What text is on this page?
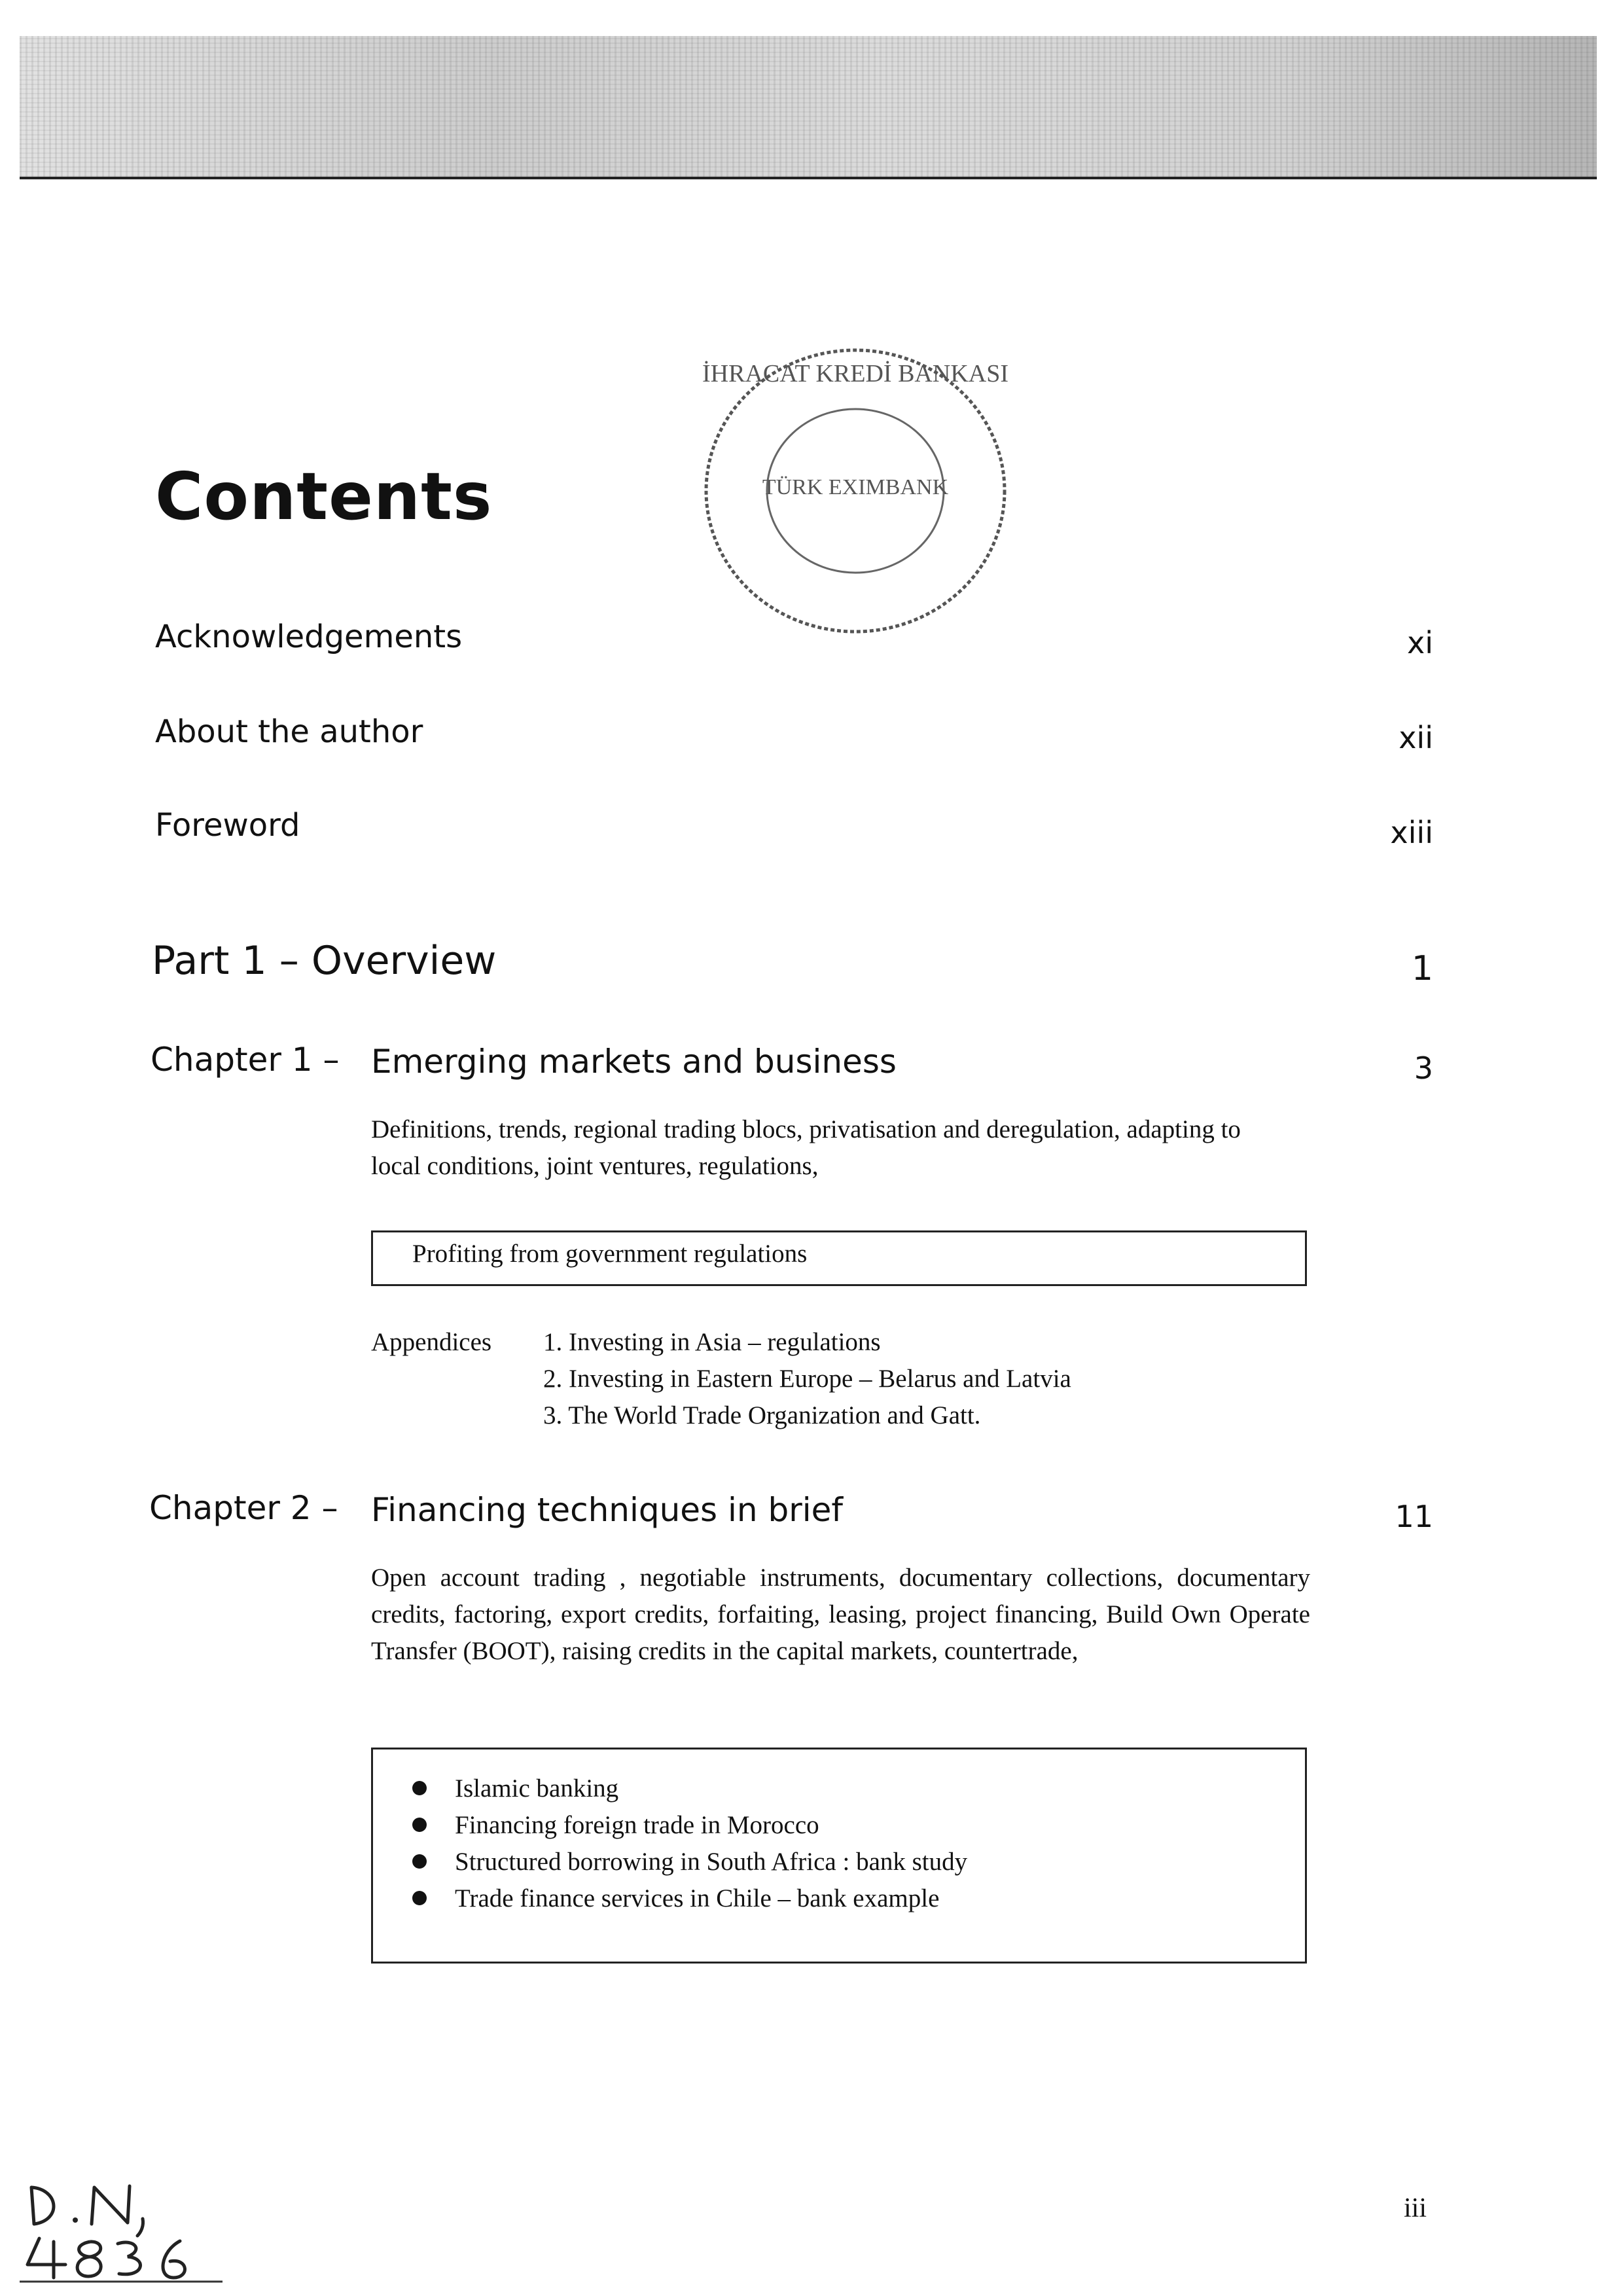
İHRACAT KREDİ BANKASI
TÜRK EXIMBANK
Contents
Acknowledgements	xi
About the author	xii
Foreword	xiii
Part 1 – Overview	1
Chapter 1 – Emerging markets and business	3
Definitions, trends, regional trading blocs, privatisation and deregulation, adapting to local conditions, joint ventures, regulations,
Profiting from government regulations
Appendices 1. Investing in Asia – regulations
2. Investing in Eastern Europe – Belarus and Latvia
3. The World Trade Organization and Gatt.
Chapter 2 – Financing techniques in brief	11
Open account trading , negotiable instruments, documentary collections, documentary credits, factoring, export credits, forfaiting, leasing, project financing, Build Own Operate Transfer (BOOT), raising credits in the capital markets, countertrade,
Islamic banking
Financing foreign trade in Morocco
Structured borrowing in South Africa : bank study
Trade finance services in Chile – bank example
iii
